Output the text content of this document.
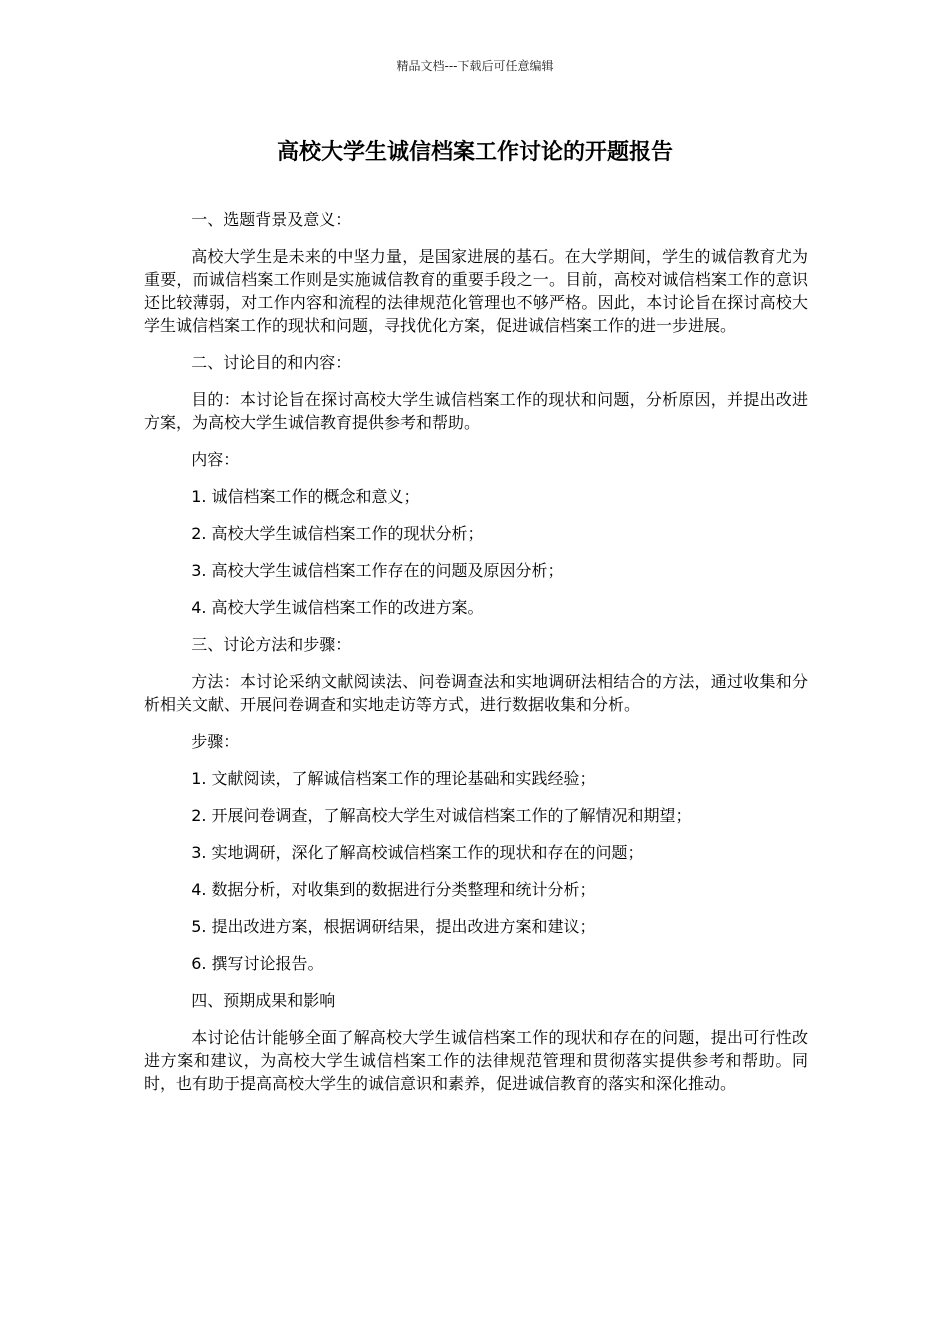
精品文档---下载后可任意编辑
高校大学生诚信档案工作讨论的开题报告

一、选题背景及意义：

高校大学生是未来的中坚力量，是国家进展的基石。在大学期间，学生的诚信教育尤为重要，而诚信档案工作则是实施诚信教育的重要手段之一。目前，高校对诚信档案工作的意识还比较薄弱，对工作内容和流程的法律规范化管理也不够严格。因此，本讨论旨在探讨高校大学生诚信档案工作的现状和问题，寻找优化方案，促进诚信档案工作的进一步进展。

二、讨论目的和内容：

目的：本讨论旨在探讨高校大学生诚信档案工作的现状和问题，分析原因，并提出改进方案，为高校大学生诚信教育提供参考和帮助。

内容：

1. 诚信档案工作的概念和意义；

2. 高校大学生诚信档案工作的现状分析；

3. 高校大学生诚信档案工作存在的问题及原因分析；

4. 高校大学生诚信档案工作的改进方案。

三、讨论方法和步骤：

方法：本讨论采纳文献阅读法、问卷调查法和实地调研法相结合的方法，通过收集和分析相关文献、开展问卷调查和实地走访等方式，进行数据收集和分析。

步骤：

1. 文献阅读，了解诚信档案工作的理论基础和实践经验；

2. 开展问卷调查，了解高校大学生对诚信档案工作的了解情况和期望；

3. 实地调研，深化了解高校诚信档案工作的现状和存在的问题；

4. 数据分析，对收集到的数据进行分类整理和统计分析；

5. 提出改进方案，根据调研结果，提出改进方案和建议；

6. 撰写讨论报告。

四、预期成果和影响

本讨论估计能够全面了解高校大学生诚信档案工作的现状和存在的问题，提出可行性改进方案和建议，为高校大学生诚信档案工作的法律规范管理和贯彻落实提供参考和帮助。同时，也有助于提高高校大学生的诚信意识和素养，促进诚信教育的落实和深化推动。
